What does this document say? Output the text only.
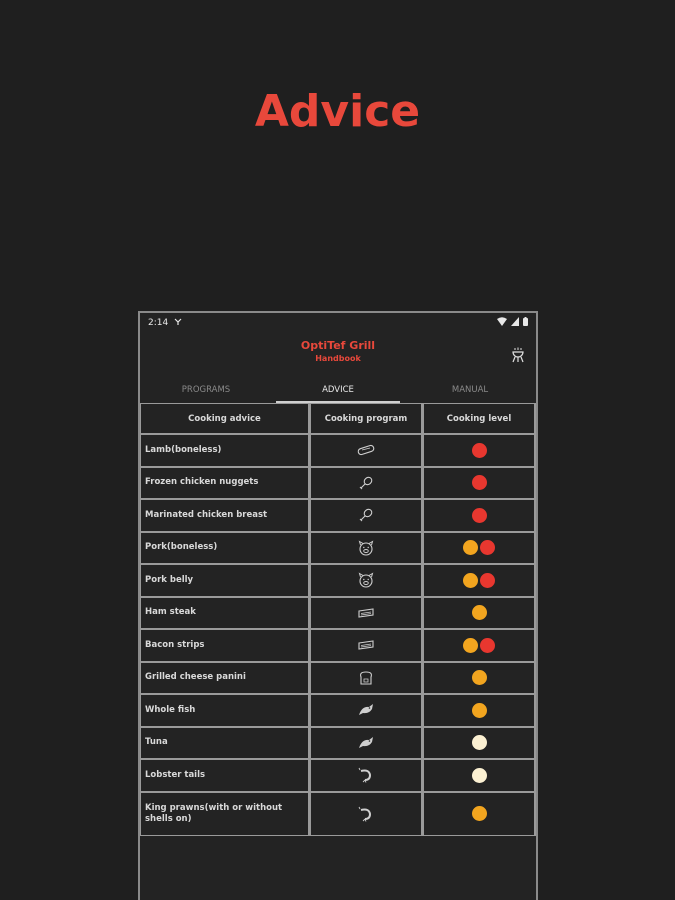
Advice
2:14
OptiTef Grill
Handbook
PROGRAMS	ADVICE	MANUAL
Cooking advice	Cooking program	Cooking level
Lamb(boneless)		
Frozen chicken nuggets		
Marinated chicken breast		
Pork(boneless)		
Pork belly		
Ham steak		
Bacon strips		
Grilled cheese panini		
Whole fish		
Tuna		
Lobster tails		
King prawns(with or without shells on)		
